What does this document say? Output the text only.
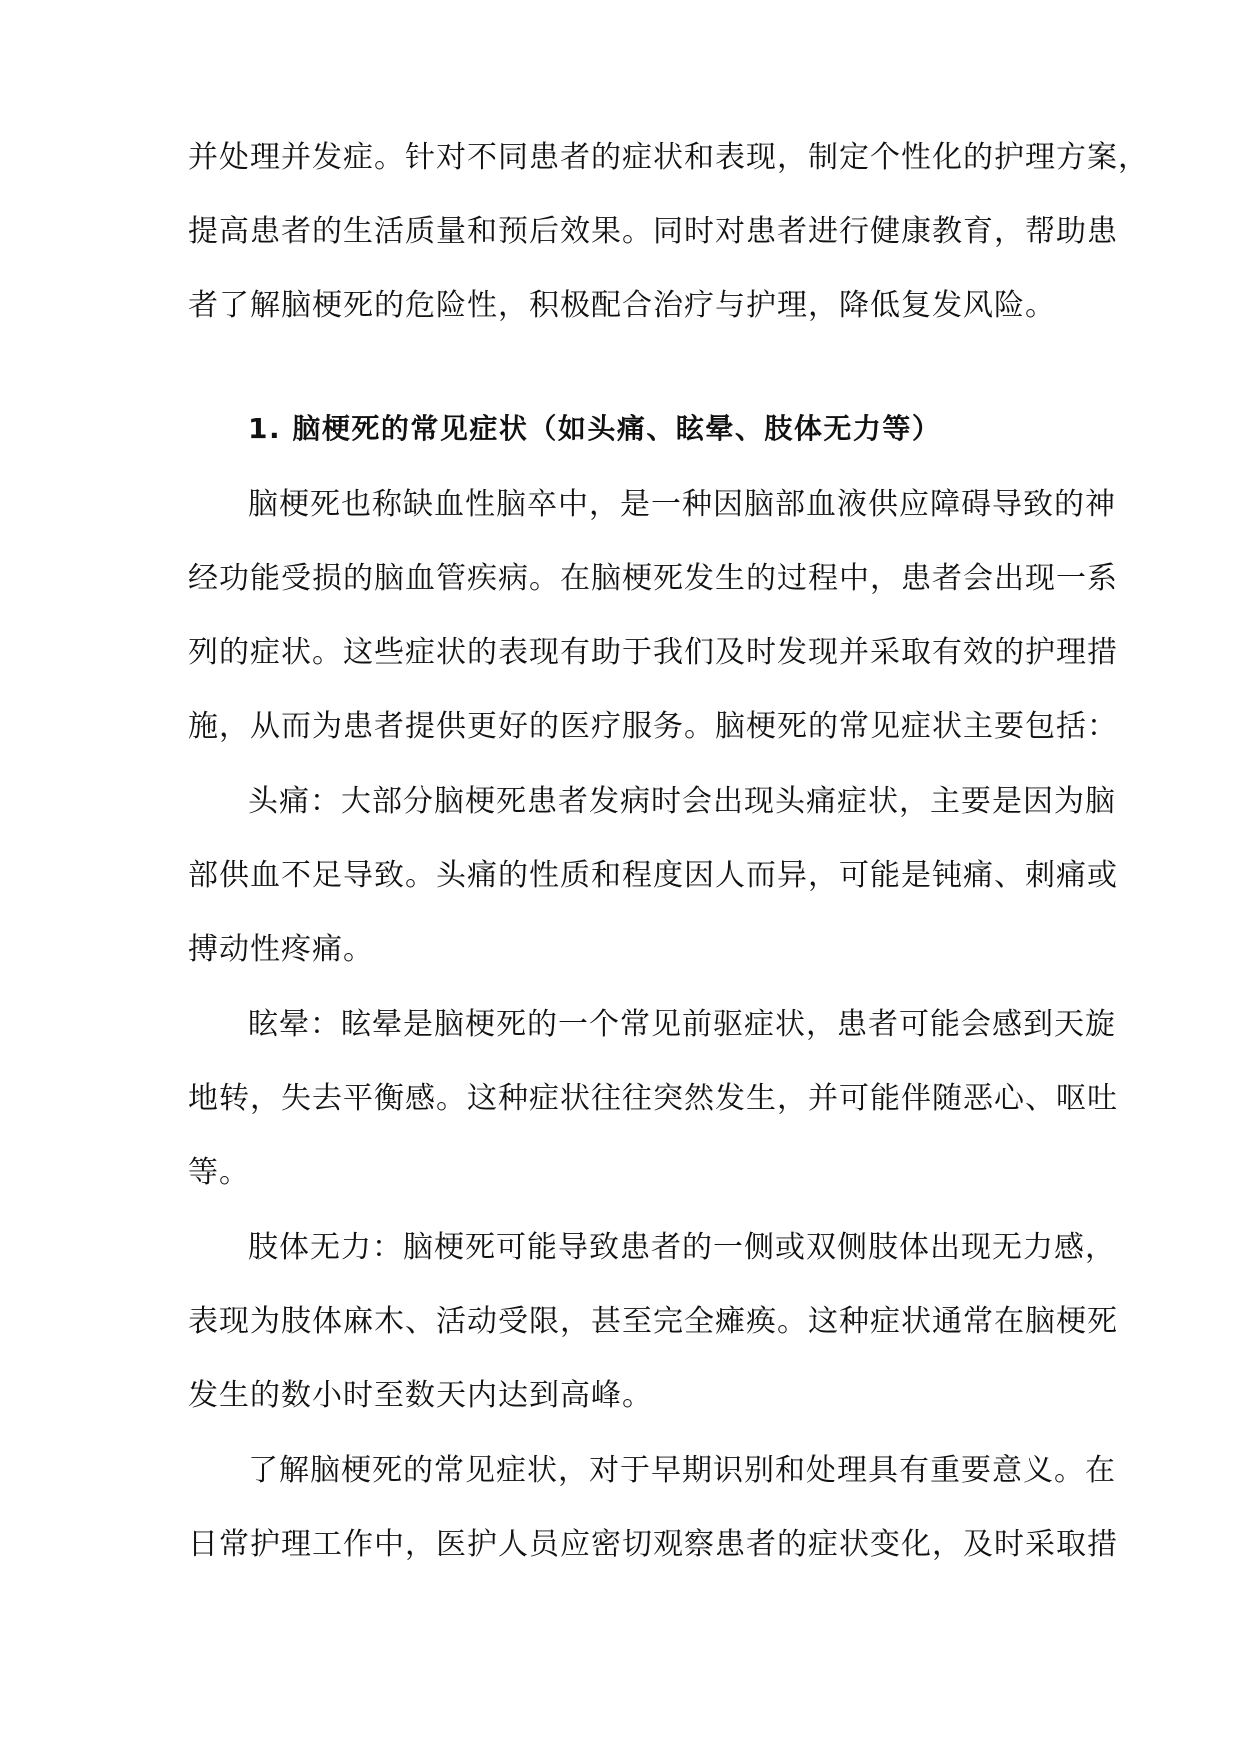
并处理并发症。针对不同患者的症状和表现，制定个性化的护理方案，
提高患者的生活质量和预后效果。同时对患者进行健康教育，帮助患
者了解脑梗死的危险性，积极配合治疗与护理，降低复发风险。
1. 脑梗死的常见症状（如头痛、眩晕、肢体无力等）
脑梗死也称缺血性脑卒中，是一种因脑部血液供应障碍导致的神
经功能受损的脑血管疾病。在脑梗死发生的过程中，患者会出现一系
列的症状。这些症状的表现有助于我们及时发现并采取有效的护理措
施，从而为患者提供更好的医疗服务。脑梗死的常见症状主要包括：
头痛：大部分脑梗死患者发病时会出现头痛症状，主要是因为脑
部供血不足导致。头痛的性质和程度因人而异，可能是钝痛、刺痛或
搏动性疼痛。
眩晕：眩晕是脑梗死的一个常见前驱症状，患者可能会感到天旋
地转，失去平衡感。这种症状往往突然发生，并可能伴随恶心、呕吐
等。
肢体无力：脑梗死可能导致患者的一侧或双侧肢体出现无力感，
表现为肢体麻木、活动受限，甚至完全瘫痪。这种症状通常在脑梗死
发生的数小时至数天内达到高峰。
了解脑梗死的常见症状，对于早期识别和处理具有重要意义。在
日常护理工作中，医护人员应密切观察患者的症状变化，及时采取措
